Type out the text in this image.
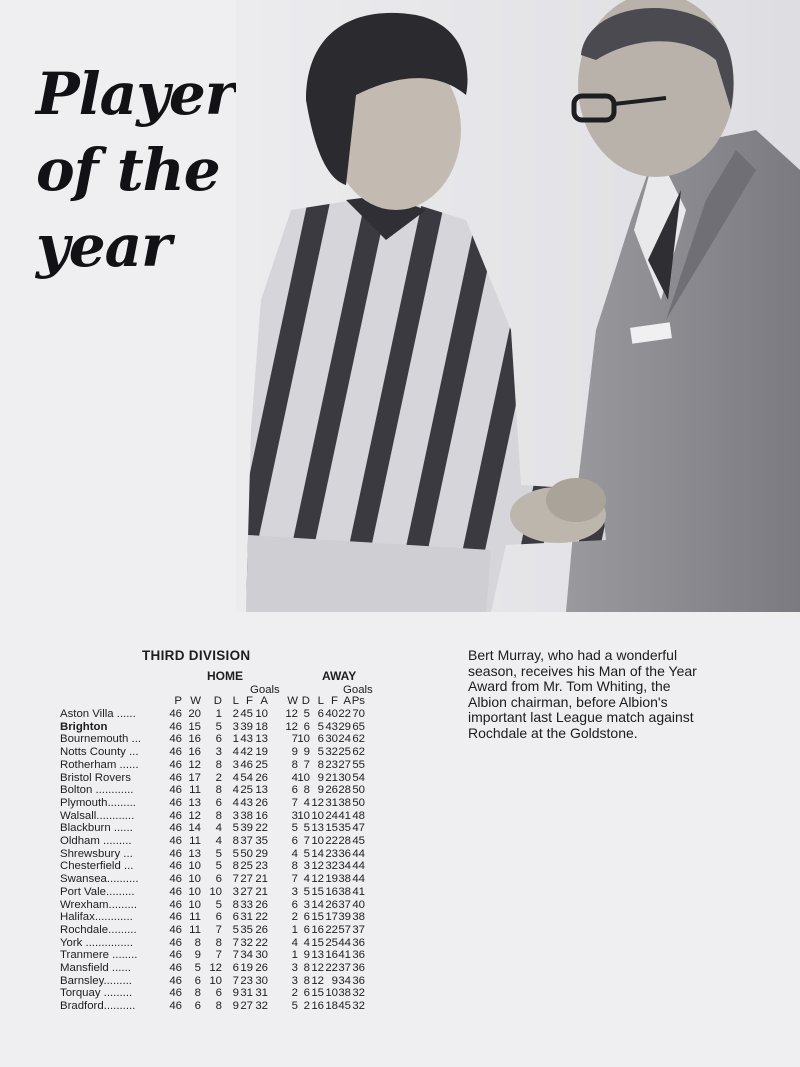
Player
of the
year
THIRD DIVISION
HOME	AWAY
Goals	Goals
P W	D L F A	W D L F A Ps
Aston Villa ......	46 20	1 2 45 10	12 5 6 40 22 70
Brighton	46 15	5 3 39 18	12 6 5 43 29 65
Bournemouth ...	46 16	6 1 43 13	7 10 6 30 24 62
Notts County ...	46 16	3 4 42 19	9 9 5 32 25 62
Rotherham ......	46 12	8 3 46 25	8 7 8 23 27 55
Bristol Rovers	46 17	2 4 54 26	4 10 9 21 30 54
Bolton ............	46 11	8 4 25 13	6 8 9 26 28 50
Plymouth.........	46 13	6 4 43 26	7 4 12 31 38 50
Walsall............	46 12	8 3 38 16	3 10 10 24 41 48
Blackburn ......	46 14	4 5 39 22	5 5 13 15 35 47
Oldham .........	46 11	4 8 37 35	6 7 10 22 28 45
Shrewsbury ...	46 13	5 5 50 29	4 5 14 23 36 44
Chesterfield ...	46 10	5 8 25 23	8 3 12 32 34 44
Swansea..........	46 10	6 7 27 21	7 4 12 19 38 44
Port Vale.........	46 10 10 3 27 21	3 5 15 16 38 41
Wrexham.........	46 10	5 8 33 26	6 3 14 26 37 40
Halifax............	46 11	6 6 31 22	2 6 15 17 39 38
Rochdale.........	46 11	7 5 35 26	1 6 16 22 57 37
York ...............	46	8	8 7 32 22	4 4 15 25 44 36
Tranmere ........	46	9	7 7 34 30	1 9 13 16 41 36
Mansfield ......	46	5 12 6 19 26	3 8 12 22 37 36
Barnsley.........	46	6 10 7 23 30	3 8 12 9 34 36
Torquay .........	46	8	6 9 31 31	2 6 15 10 38 32
Bradford..........	46	6	8 9 27 32	5 2 16 18 45 32
Bert Murray, who had a wonderful
season, receives his Man of the Year
Award from Mr. Tom Whiting, the
Albion chairman, before Albion's
important last League match against
Rochdale at the Goldstone.
